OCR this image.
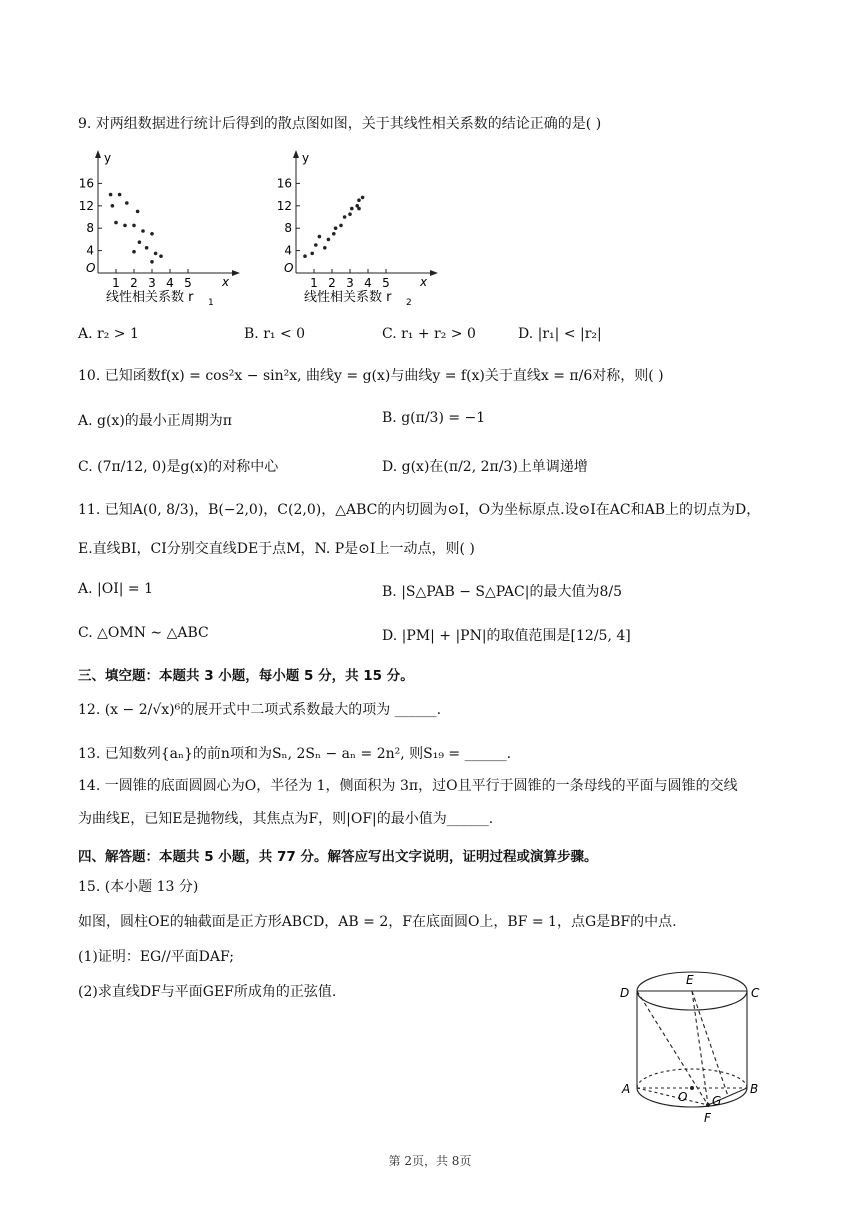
9. 对两组数据进行统计后得到的散点图如图，关于其线性相关系数的结论正确的是( )
y
x
O
16
12
8
4
1 2 3 4 5
线性相关系数 r 1
y
x
O
16
12
8
4
1 2 3 4 5
线性相关系数 r 2
A. r₂ > 1	B. r₁ < 0	C. r₁ + r₂ > 0	D. |r₁| < |r₂|
10. 已知函数f(x) = cos²x − sin²x, 曲线y = g(x)与曲线y = f(x)关于直线x = π/6对称，则( )
A. g(x)的最小正周期为π	B. g(π/3) = −1
C. (7π/12, 0)是g(x)的对称中心	D. g(x)在(π/2, 2π/3)上单调递增
11. 已知A(0, 8/3)，B(−2,0)，C(2,0)，△ABC的内切圆为⊙I，O为坐标原点.设⊙I在AC和AB上的切点为D，
E.直线BI，CI分别交直线DE于点M，N. P是⊙I上一动点，则( )
A. |OI| = 1	B. |S△PAB − S△PAC|的最大值为8/5
C. △OMN ∼ △ABC	D. |PM| + |PN|的取值范围是[12/5, 4]
三、填空题：本题共 3 小题，每小题 5 分，共 15 分。
12. (x − 2/√x)⁶的展开式中二项式系数最大的项为 ______.
13. 已知数列{aₙ}的前n项和为Sₙ, 2Sₙ − aₙ = 2n², 则S₁₉ = ______.
14. 一圆锥的底面圆圆心为O，半径为 1，侧面积为 3π，过O且平行于圆锥的一条母线的平面与圆锥的交线
为曲线E，已知E是抛物线，其焦点为F，则|OF|的最小值为______.
四、解答题：本题共 5 小题，共 77 分。解答应写出文字说明，证明过程或演算步骤。
15. (本小题 13 分)
如图，圆柱OE的轴截面是正方形ABCD，AB = 2，F在底面圆O上，BF = 1，点G是BF的中点.
(1)证明：EG//平面DAF;
(2)求直线DF与平面GEF所成角的正弦值.	D
E
C
A
O G
B
F
第 2页，共 8页
